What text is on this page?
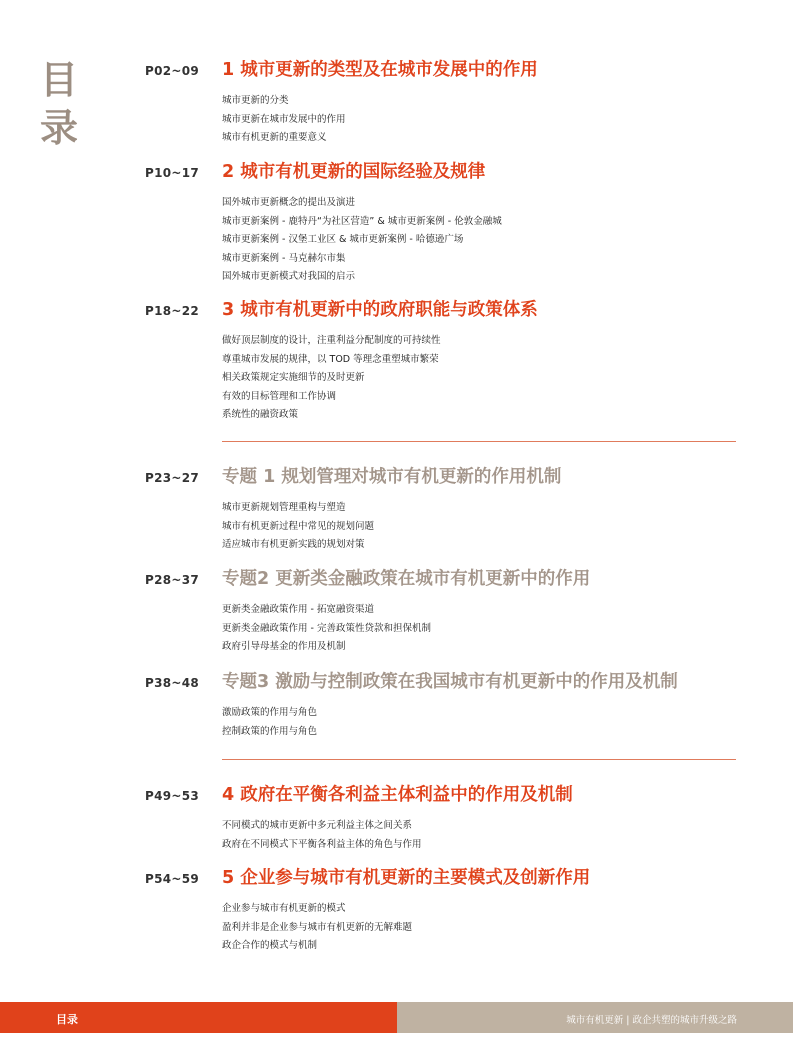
目
录
P02~09 1 城市更新的类型及在城市发展中的作用
城市更新的分类
城市更新在城市发展中的作用
城市有机更新的重要意义
P10~17 2 城市有机更新的国际经验及规律
国外城市更新概念的提出及演进
城市更新案例 - 鹿特丹“为社区营造” & 城市更新案例 - 伦敦金融城
城市更新案例 - 汉堡工业区 & 城市更新案例 - 哈德逊广场
城市更新案例 - 马克赫尔市集
国外城市更新模式对我国的启示
P18~22 3 城市有机更新中的政府职能与政策体系
做好顶层制度的设计，注重利益分配制度的可持续性
尊重城市发展的规律，以 TOD 等理念重塑城市繁荣
相关政策规定实施细节的及时更新
有效的目标管理和工作协调
系统性的融资政策
P23~27 专题 1 规划管理对城市有机更新的作用机制
城市更新规划管理重构与塑造
城市有机更新过程中常见的规划问题
适应城市有机更新实践的规划对策
P28~37 专题2 更新类金融政策在城市有机更新中的作用
更新类金融政策作用 - 拓宽融资渠道
更新类金融政策作用 - 完善政策性贷款和担保机制
政府引导母基金的作用及机制
P38~48 专题3 激励与控制政策在我国城市有机更新中的作用及机制
激励政策的作用与角色
控制政策的作用与角色
P49~53 4 政府在平衡各利益主体利益中的作用及机制
不同模式的城市更新中多元利益主体之间关系
政府在不同模式下平衡各利益主体的角色与作用
P54~59 5 企业参与城市有机更新的主要模式及创新作用
企业参与城市有机更新的模式
盈利并非是企业参与城市有机更新的无解难题
政企合作的模式与机制
目录	城市有机更新 | 政企共塑的城市升级之路
